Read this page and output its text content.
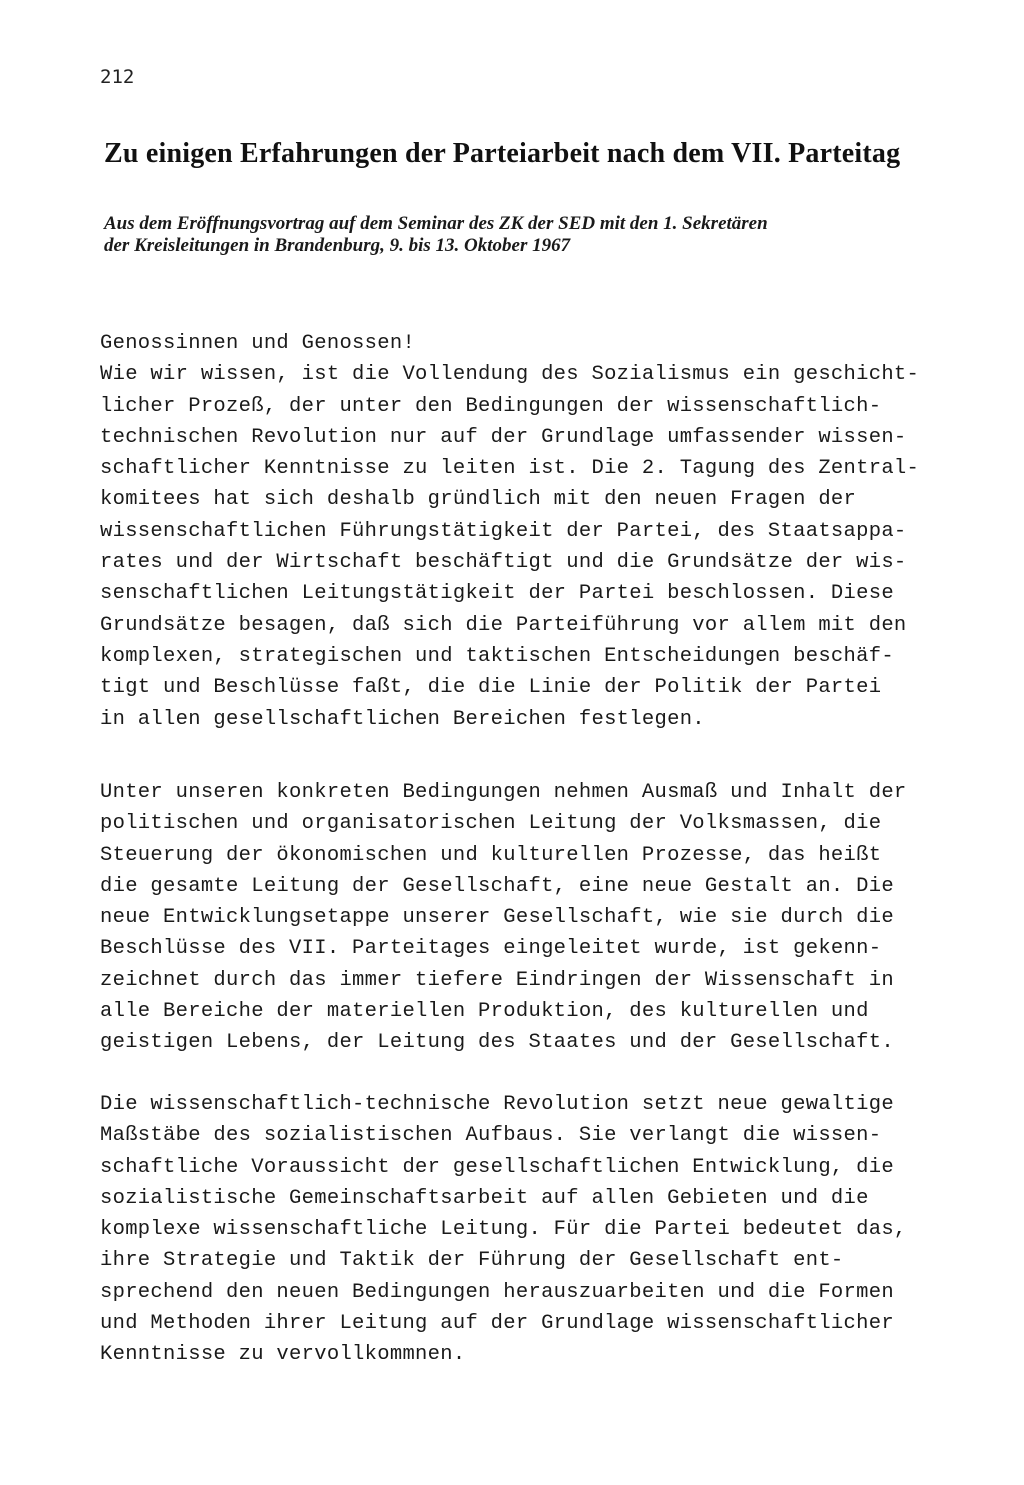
212
Zu einigen Erfahrungen der Parteiarbeit nach dem VII. Parteitag
Aus dem Eröffnungsvortrag auf dem Seminar des ZK der SED mit den 1. Sekretären
der Kreisleitungen in Brandenburg, 9. bis 13. Oktober 1967
Genossinnen und Genossen!
Wie wir wissen, ist die Vollendung des Sozialismus ein geschicht-
licher Prozeß, der unter den Bedingungen der wissenschaftlich-
technischen Revolution nur auf der Grundlage umfassender wissen-
schaftlicher Kenntnisse zu leiten ist. Die 2. Tagung des Zentral-
komitees hat sich deshalb gründlich mit den neuen Fragen der
wissenschaftlichen Führungstätigkeit der Partei, des Staatsappa-
rates und der Wirtschaft beschäftigt und die Grundsätze der wis-
senschaftlichen Leitungstätigkeit der Partei beschlossen. Diese
Grundsätze besagen, daß sich die Parteiführung vor allem mit den
komplexen, strategischen und taktischen Entscheidungen beschäf-
tigt und Beschlüsse faßt, die die Linie der Politik der Partei
in allen gesellschaftlichen Bereichen festlegen.
Unter unseren konkreten Bedingungen nehmen Ausmaß und Inhalt der
politischen und organisatorischen Leitung der Volksmassen, die
Steuerung der ökonomischen und kulturellen Prozesse, das heißt
die gesamte Leitung der Gesellschaft, eine neue Gestalt an. Die
neue Entwicklungsetappe unserer Gesellschaft, wie sie durch die
Beschlüsse des VII. Parteitages eingeleitet wurde, ist gekenn-
zeichnet durch das immer tiefere Eindringen der Wissenschaft in
alle Bereiche der materiellen Produktion, des kulturellen und
geistigen Lebens, der Leitung des Staates und der Gesellschaft.
Die wissenschaftlich-technische Revolution setzt neue gewaltige
Maßstäbe des sozialistischen Aufbaus. Sie verlangt die wissen-
schaftliche Voraussicht der gesellschaftlichen Entwicklung, die
sozialistische Gemeinschaftsarbeit auf allen Gebieten und die
komplexe wissenschaftliche Leitung. Für die Partei bedeutet das,
ihre Strategie und Taktik der Führung der Gesellschaft ent-
sprechend den neuen Bedingungen herauszuarbeiten und die Formen
und Methoden ihrer Leitung auf der Grundlage wissenschaftlicher
Kenntnisse zu vervollkommnen.
